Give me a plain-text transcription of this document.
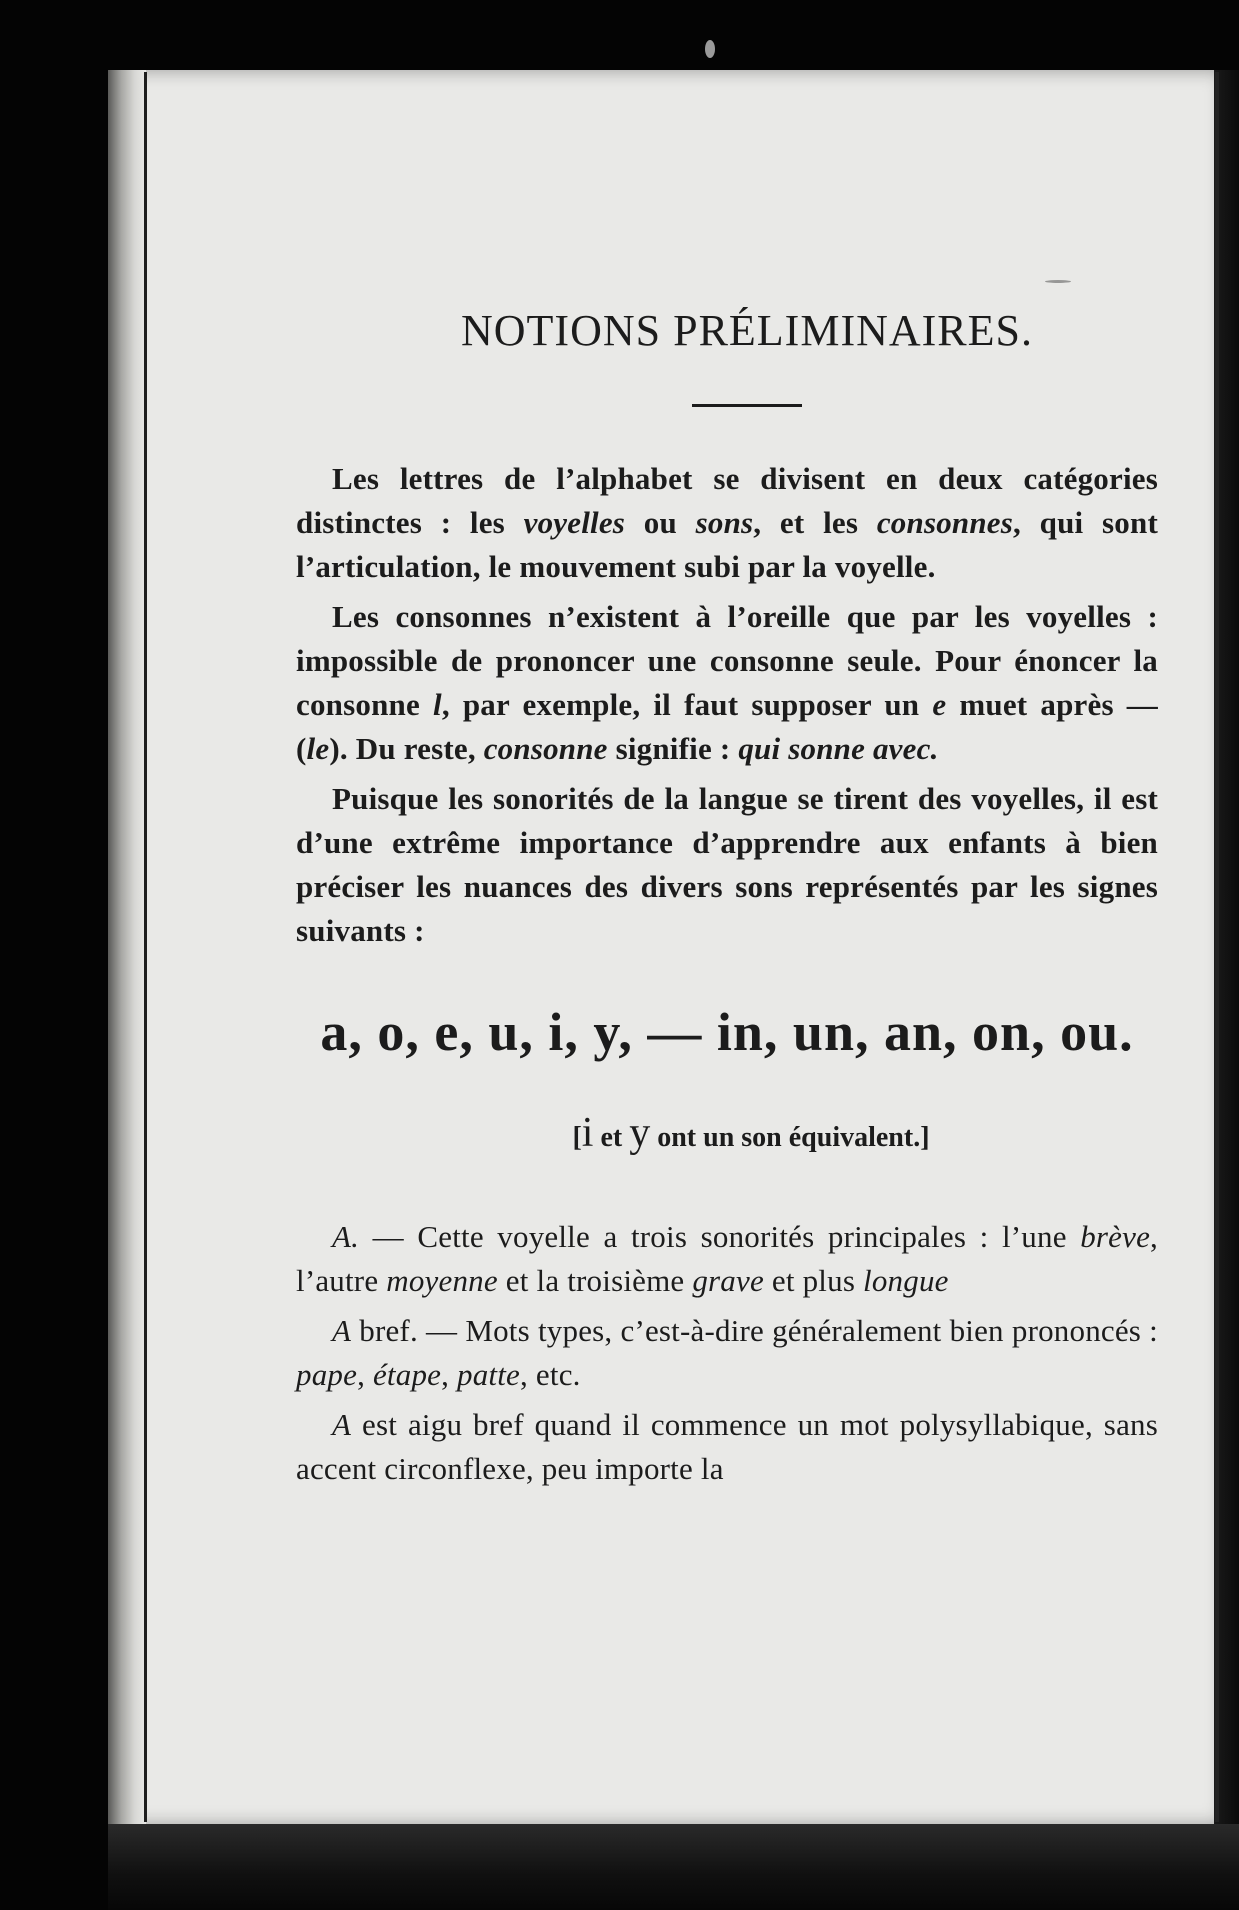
NOTIONS PRÉLIMINAIRES.

Les lettres de l’alphabet se divisent en deux catégories distinctes : les voyelles ou sons, et les consonnes, qui sont l’articulation, le mouvement subi par la voyelle.

Les consonnes n’existent à l’oreille que par les voyelles : impossible de prononcer une consonne seule. Pour énoncer la consonne l, par exemple, il faut supposer un e muet après — (le). Du reste, consonne signifie : qui sonne avec.

Puisque les sonorités de la langue se tirent des voyelles, il est d’une extrême importance d’apprendre aux enfants à bien préciser les nuances des divers sons représentés par les signes suivants :

a, o, e, u, i, y, — in, un, an, on, ou.
[i et y ont un son équivalent.]

A. — Cette voyelle a trois sonorités principales : l’une brève, l’autre moyenne et la troisième grave et plus longue

A bref. — Mots types, c’est-à-dire généralement bien prononcés : pape, étape, patte, etc.

A est aigu bref quand il commence un mot polysyllabique, sans accent circonflexe, peu importe la
